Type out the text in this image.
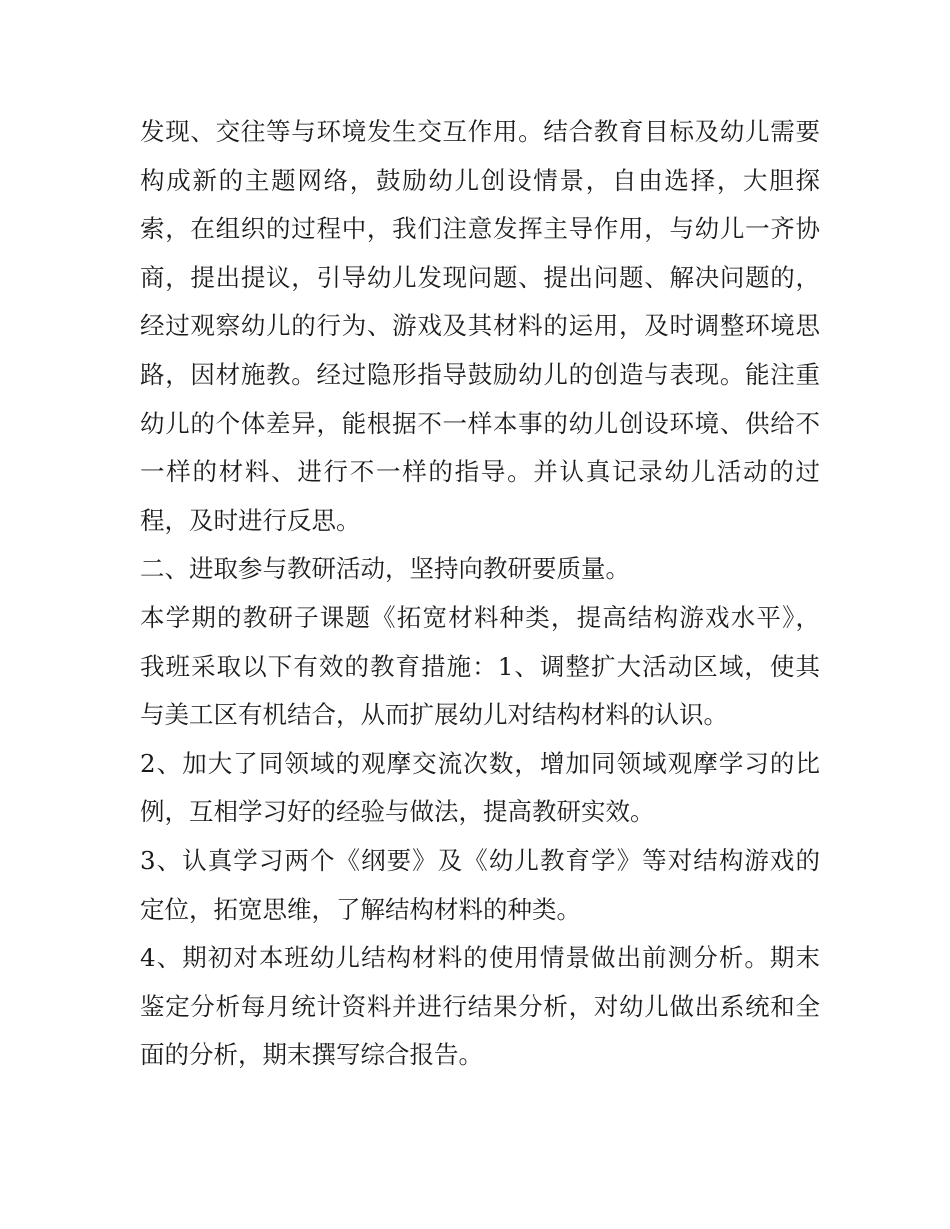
发现、交往等与环境发生交互作用。结合教育目标及幼儿需要
构成新的主题网络，鼓励幼儿创设情景，自由选择，大胆探
索，在组织的过程中，我们注意发挥主导作用，与幼儿一齐协
商，提出提议，引导幼儿发现问题、提出问题、解决问题的，
经过观察幼儿的行为、游戏及其材料的运用，及时调整环境思
路，因材施教。经过隐形指导鼓励幼儿的创造与表现。能注重
幼儿的个体差异，能根据不一样本事的幼儿创设环境、供给不
一样的材料、进行不一样的指导。并认真记录幼儿活动的过
程，及时进行反思。
二、进取参与教研活动，坚持向教研要质量。
本学期的教研子课题《拓宽材料种类，提高结构游戏水平》，
我班采取以下有效的教育措施：1、调整扩大活动区域，使其
与美工区有机结合，从而扩展幼儿对结构材料的认识。
2、加大了同领域的观摩交流次数，增加同领域观摩学习的比
例，互相学习好的经验与做法，提高教研实效。
3、认真学习两个《纲要》及《幼儿教育学》等对结构游戏的
定位，拓宽思维，了解结构材料的种类。
4、期初对本班幼儿结构材料的使用情景做出前测分析。期末
鉴定分析每月统计资料并进行结果分析，对幼儿做出系统和全
面的分析，期末撰写综合报告。
